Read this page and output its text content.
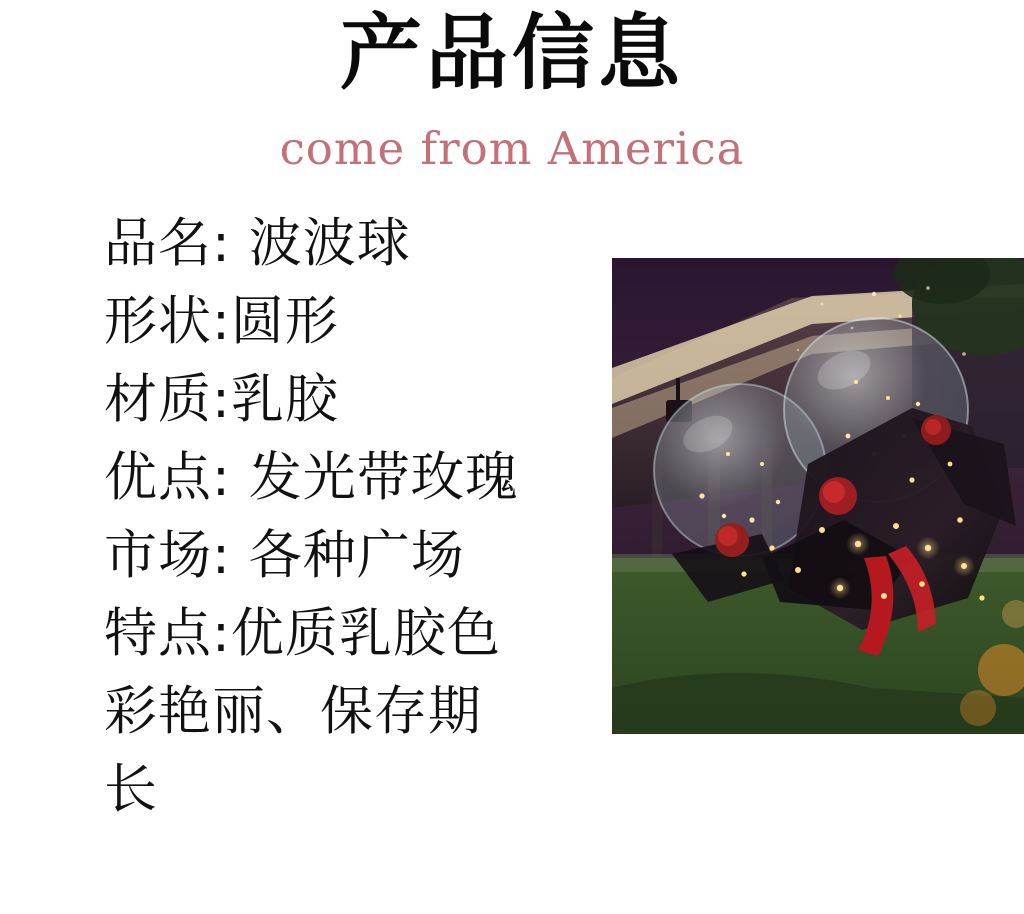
产品信息
come from America
品名: 波波球
形状:圆形
材质:乳胶
优点: 发光带玫瑰
市场: 各种广场
特点:优质乳胶色
彩艳丽、保存期
长
